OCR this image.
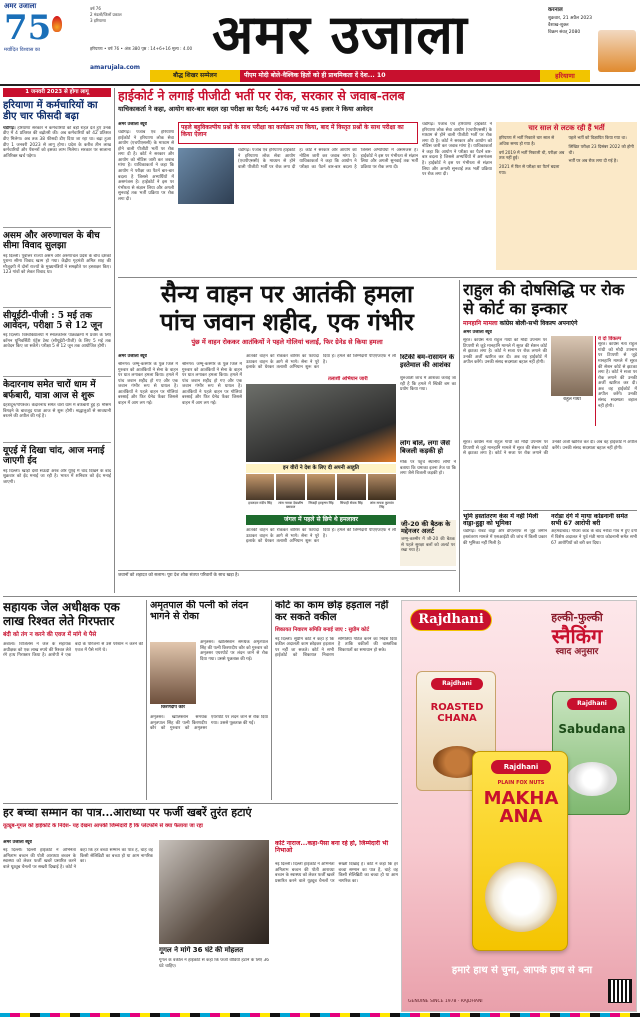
अमर उजाला
75
मर्यादित विश्वास का
वर्ष 76
2 मंडलों/जिलों प्रकाश
3 हरियाणा
हरियाणा • वर्ष 76 • अंक 380 पृष्ठ : 14+6+16 मूल्य : 4.00
amarujala.com
अमर उजाला	करनाल
शुक्रवार, 21 अप्रैल 2023
वैशाख-शुक्ल
विक्रम संवत् 2080
बौद्ध शिखर सम्मेलन	पीएम मोदी बोले-वैश्विक हितों को ही प्राथमिकता दें देश... 10	हरियाणा
1 जनवरी 2023 से होगा लागू
हरियाणा में कर्मचारियों का डीए चार फीसदी बढ़ा
चंडीगढ़। हरियाणा सरकार ने कर्मचारियों को बड़ी राहत देते हुए उनके डीए में 4 प्रतिशत की बढ़ोतरी की। अब कर्मचारियों को 42 प्रतिशत डीए मिलेगा। अब तक 38 फीसदी डीए दिया जा रहा था। बढ़ा हुआ डीए 1 जनवरी 2023 से लागू होगा। प्रदेश के करीब तीन लाख कर्मचारियों और पेंशनरों को इसका लाभ मिलेगा। सरकार पर सालाना अतिरिक्त खर्च पड़ेगा।
असम और अरुणाचल के बीच सीमा विवाद सुलझा
नई दिल्ली। पूर्वोत्तर राज्यों असम और अरुणाचल प्रदेश के बीच दशकों पुराना सीमा विवाद खत्म हो गया। केंद्रीय गृहमंत्री अमित शाह की मौजूदगी में दोनों राज्यों के मुख्यमंत्रियों ने समझौते पर हस्ताक्षर किए। 123 गांवों को लेकर विवाद था।
सीयूईटी-पीजी : 5 मई तक आवेदन, परीक्षा 5 से 12 जून
नई दिल्ली। विश्वविद्यालयों में स्नातकोत्तर पाठ्यक्रमों में प्रवेश के लिए कॉमन यूनिवर्सिटी एंट्रेंस टेस्ट (सीयूईटी-पीजी) के लिए 5 मई तक आवेदन किए जा सकेंगे। परीक्षा 5 से 12 जून तक आयोजित होगी।
केदारनाथ समेत चारों धाम में बर्फबारी, यात्रा आज से शुरू
देहरादून/गोपेश्वर। केदारनाथ समेत चारों धाम में बर्फबारी हुई है। मौसम बिगड़ने के बावजूद यात्रा आज से शुरू होगी। श्रद्धालुओं से सावधानी बरतने की अपील की गई है।
यूएई में दिखा चांद, आज मनाई जाएगी ईद
नई दिल्ली। खाड़ी देशों सऊदी अरब और यूएई में चांद दिखने के बाद शुक्रवार को ईद मनाई जा रही है। भारत में शनिवार को ईद मनाई जाएगी।
हाईकोर्ट ने लगाई पीजीटी भर्ती पर रोक, सरकार से जवाब-तलब
याचिकाकर्ता ने कहा, आयोग बार-बार बदल रहा परीक्षा का पैटर्न; 4476 पदों पर 45 हजार ने किया आवेदन
अमर उजाला ब्यूरो
चंडीगढ़। पंजाब एवं हरियाणा हाईकोर्ट ने हरियाणा लोक सेवा आयोग (एचपीएससी) के माध्यम से होने वाली पीजीटी भर्ती पर रोक लगा दी है। कोर्ट ने सरकार और आयोग को नोटिस जारी कर जवाब मांगा है। याचिकाकर्ता ने कहा कि आयोग ने परीक्षा का पैटर्न बार-बार बदला है जिससे अभ्यर्थियों में असमंजस है। हाईकोर्ट ने इस पर गंभीरता से संज्ञान लिया और अगली सुनवाई तक भर्ती प्रक्रिया पर रोक लगा दी।
पहले बहुविकल्पीय प्रश्नों के साथ परीक्षा का कार्यक्रम तय किया, बाद में विस्तृत प्रश्नों के साथ परीक्षा का किया ऐलान
चंडीगढ़। पंजाब एवं हरियाणा हाईकोर्ट ने हरियाणा लोक सेवा आयोग (एचपीएससी) के माध्यम से होने वाली पीजीटी भर्ती पर रोक लगा दी है। कोर्ट ने सरकार और आयोग को नोटिस जारी कर जवाब मांगा है। याचिकाकर्ता ने कहा कि आयोग ने परीक्षा का पैटर्न बार-बार बदला है जिससे अभ्यर्थियों में असमंजस है। हाईकोर्ट ने इस पर गंभीरता से संज्ञान लिया और अगली सुनवाई तक भर्ती प्रक्रिया पर रोक लगा दी।
चंडीगढ़। पंजाब एवं हरियाणा हाईकोर्ट ने हरियाणा लोक सेवा आयोग (एचपीएससी) के माध्यम से होने वाली पीजीटी भर्ती पर रोक लगा दी है। कोर्ट ने सरकार और आयोग को नोटिस जारी कर जवाब मांगा है। याचिकाकर्ता ने कहा कि आयोग ने परीक्षा का पैटर्न बार-बार बदला है जिससे अभ्यर्थियों में असमंजस है। हाईकोर्ट ने इस पर गंभीरता से संज्ञान लिया और अगली सुनवाई तक भर्ती प्रक्रिया पर रोक लगा दी।
चार साल से लटक रही हैं भर्ती
हरियाणा में भर्ती निकाले चार साल से अधिक समय हो गया है।
वर्ष 2019 में भर्ती निकाली थी, परीक्षा अब तक नहीं हुई।
2021 में फिर से परीक्षा का पैटर्न बदला गया।
पहले भर्ती को विज्ञापित किया गया था।
लिखित परीक्षा 23 दिसंबर 2022 को होनी थी।
भर्ती पर अब रोक लगा दी गई है।
सैन्य वाहन पर आतंकी हमला
पांच जवान शहीद, एक गंभीर
पुंछ में वाहन रोककर आतंकियों ने पहले गोलियां चलाईं, फिर ग्रेनेड से किया हमला
अमर उजाला ब्यूरो
श्रीनगर। जम्मू-कश्मीर के पुंछ जिले में गुरुवार को आतंकियों ने सेना के वाहन पर घात लगाकर हमला किया। हमले में पांच जवान शहीद हो गए और एक जवान गंभीर रूप से घायल है। आतंकियों ने पहले वाहन पर गोलियां बरसाईं और फिर ग्रेनेड फेंका जिससे वाहन में आग लग गई।
श्रीनगर। जम्मू-कश्मीर के पुंछ जिले में गुरुवार को आतंकियों ने सेना के वाहन पर घात लगाकर हमला किया। हमले में पांच जवान शहीद हो गए और एक जवान गंभीर रूप से घायल है। आतंकियों ने पहले वाहन पर गोलियां बरसाईं और फिर ग्रेनेड फेंका जिससे वाहन में आग लग गई।
आतंकी वाहन को रोककर बारिश का फायदा उठाकर वाहन के आगे से भागे। सेना ने पूरे इलाके को घेरकर तलाशी अभियान शुरू कर दिया है। हमले की जिम्मेदारी पीएएफएफ ने ली है।
तलाशी अभियान जारी
इन वीरों ने देश के लिए दी अपनी आहुति
हवलदार मंदीप सिंह	लांस नायक देबाशीष बसवाल
सिपाही हरकृष्ण सिंह	सिपाही सेवक सिंह	लांस नायक कुलवंत सिंह
जंगल में पहले से छिपे थे हमलावर
आतंकी वाहन को रोककर बारिश का फायदा उठाकर वाहन के आगे से भागे। सेना ने पूरे इलाके को घेरकर तलाशी अभियान शुरू कर दिया है। हमले की जिम्मेदारी पीएएफएफ ने ली है।
स्टिकी बम-रासायन के इस्तेमाल की आशंका
शुरुआती जांच में आशंका जताई जा रही है कि हमले में स्टिकी बम का प्रयोग किया गया।
लोग बोले, लगा जैसे बिजली कड़की हो
मौके पर पहुंचे स्थानीय लोगों ने बताया कि धमाका इतना तेज था कि लगा जैसे बिजली कड़की हो।
जी-20 की बैठक के मद्देनजर अलर्ट
जम्मू-कश्मीर में जी-20 की बैठक से पहले सुरक्षा बलों को अलर्ट पर रखा गया है।
जवानों को शहादत को सलाम। पूरा देश शोक संतप्त परिवारों के साथ खड़ा है।
राहुल की दोषसिद्धि पर रोक से कोर्ट का इन्कार
मानहानि मामला कांग्रेस बोली-सभी विकल्प अपनाएंगे
अमर उजाला ब्यूरो
सूरत। कांग्रेस नेता राहुल गांधी को मोदी उपनाम पर टिप्पणी से जुड़े मानहानि मामले में सूरत की सेशन कोर्ट से झटका लगा है। कोर्ट ने सजा पर रोक लगाने की उनकी अर्जी खारिज कर दी। अब वह हाईकोर्ट में अपील करेंगे। उनकी संसद सदस्यता बहाल नहीं होगी।
राहुल गांधी
ये दो विकल्प
सूरत। कांग्रेस नेता राहुल गांधी को मोदी उपनाम पर टिप्पणी से जुड़े मानहानि मामले में सूरत की सेशन कोर्ट से झटका लगा है। कोर्ट ने सजा पर रोक लगाने की उनकी अर्जी खारिज कर दी। अब वह हाईकोर्ट में अपील करेंगे। उनकी संसद सदस्यता बहाल नहीं होगी।
सूरत। कांग्रेस नेता राहुल गांधी को मोदी उपनाम पर टिप्पणी से जुड़े मानहानि मामले में सूरत की सेशन कोर्ट से झटका लगा है। कोर्ट ने सजा पर रोक लगाने की उनकी अर्जी खारिज कर दी। अब वह हाईकोर्ट में अपील करेंगे। उनकी संसद सदस्यता बहाल नहीं होगी।
भूमि हस्तांतरण केस में नहीं मिली वाड्रा-हुड्डा को भूमिका
चंडीगढ़। रॉबर्ट वाड्रा और डीएलएफ से जुड़े जमीन हस्तांतरण मामले में एसआईटी की जांच में किसी प्रकार की भूमिका नहीं मिली है।
नरोडा दंगे में माया कोडनानी समेत सभी 67 आरोपी बरी
अहमदाबाद। गोधरा कांड के बाद नरोडा गांव में हुए दंगों में विशेष अदालत ने पूर्व मंत्री माया कोडनानी समेत सभी 67 आरोपियों को बरी कर दिया।
सहायक जेल अधीक्षक एक लाख रिश्वत लेते गिरफ्तार
बंदी को तंग न करने की एवज में मांगे थे पैसे
अंबाला। विजिलेंस ने जेल के सहायक अधीक्षक को एक लाख रुपये की रिश्वत लेते रंगे हाथ गिरफ्तार किया है। आरोपी ने एक बंदी के परिजनों से उसे परेशान न करने की एवज में पैसे मांगे थे।
अमृतपाल की पत्नी को लंदन भागने से रोका
किरणदीप कौर
अमृतसर। खालिस्तान समर्थक अमृतपाल सिंह की पत्नी किरणदीप कौर को गुरुवार को अमृतसर एयरपोर्ट पर लंदन जाने से रोक दिया गया। उससे पूछताछ की गई।
अमृतसर। खालिस्तान समर्थक अमृतपाल सिंह की पत्नी किरणदीप कौर को गुरुवार को अमृतसर एयरपोर्ट पर लंदन जाने से रोक दिया गया। उससे पूछताछ की गई।
कोर्ट का काम छोड़ हड़ताल नहीं कर सकते वकील
शिकायत निवारण समिति बनाई जाए : सुप्रीम कोर्ट
नई दिल्ली। सुप्रीम कोर्ट ने कहा है कि वकील अदालती काम छोड़कर हड़ताल पर नहीं जा सकते। कोर्ट ने सभी हाईकोर्ट को शिकायत निवारण समितियां गठित करने का निर्देश दिया है ताकि वकीलों की वास्तविक शिकायतों का समाधान हो सके।
Rajdhani	हल्की-फुल्की
स्नैकिंग
स्वाद अनुसार
Rajdhani
ROASTED CHANA
Rajdhani
Sabudana
Rajdhani
PLAIN FOX NUTS
MAKHAANA
हमारे हाथ से चुना, आपके हाथ से बना
GENUINE SINCE 1978 · RAJDHANI
हर बच्चा सम्मान का पात्र...आराध्या पर फर्जी खबरें तुरंत हटाएं
यूट्यूब-गूगल को हाईकोर्ट के निर्देश- यह देखना आपकी जिम्मेदारी है कि प्लेटफॉर्म से क्या फैलाया जा रहा
अमर उजाला ब्यूरो
नई दिल्ली। दिल्ली हाईकोर्ट ने अभिनेता अमिताभ बच्चन की पोती आराध्या बच्चन के स्वास्थ्य को लेकर फर्जी खबरें प्रसारित करने वाले यूट्यूब चैनलों पर सख्ती दिखाई है। कोर्ट ने कहा कि हर बच्चा सम्मान का पात्र है, चाहे वह किसी सेलिब्रिटी का बच्चा हो या आम नागरिक का।
गूगल ने मांगे 36 घंटे की मोहलत
गूगल के वकील ने हाईकोर्ट से कहा कि फर्जी वीडियो हटाने के लिए 36 घंटे चाहिए।
कोर्ट नाराज...कहा-पैसा बना रहे हो, जिम्मेदारी भी निभाओ
नई दिल्ली। दिल्ली हाईकोर्ट ने अभिनेता अमिताभ बच्चन की पोती आराध्या बच्चन के स्वास्थ्य को लेकर फर्जी खबरें प्रसारित करने वाले यूट्यूब चैनलों पर सख्ती दिखाई है। कोर्ट ने कहा कि हर बच्चा सम्मान का पात्र है, चाहे वह किसी सेलिब्रिटी का बच्चा हो या आम नागरिक का।
